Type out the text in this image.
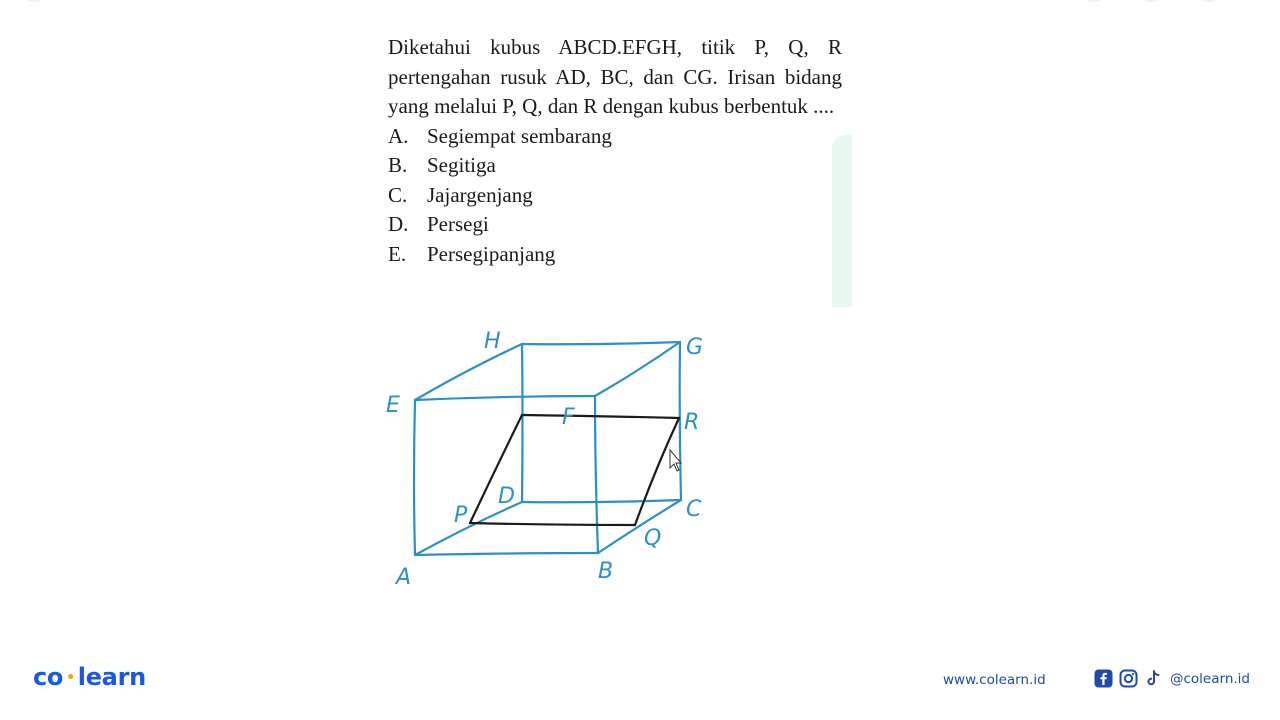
Diketahui kubus ABCD.EFGH, titik P, Q, R pertengahan rusuk AD, BC, dan CG. Irisan bidang yang melalui P, Q, dan R dengan kubus berbentuk ....

A. Segiempat sembarang
B. Segitiga
C. Jajargenjang
D. Persegi
E. Persegipanjang
H	G
E	F	R
D
C
P
Q
A	B
co • learn	www.colearn.id	@colearn.id
